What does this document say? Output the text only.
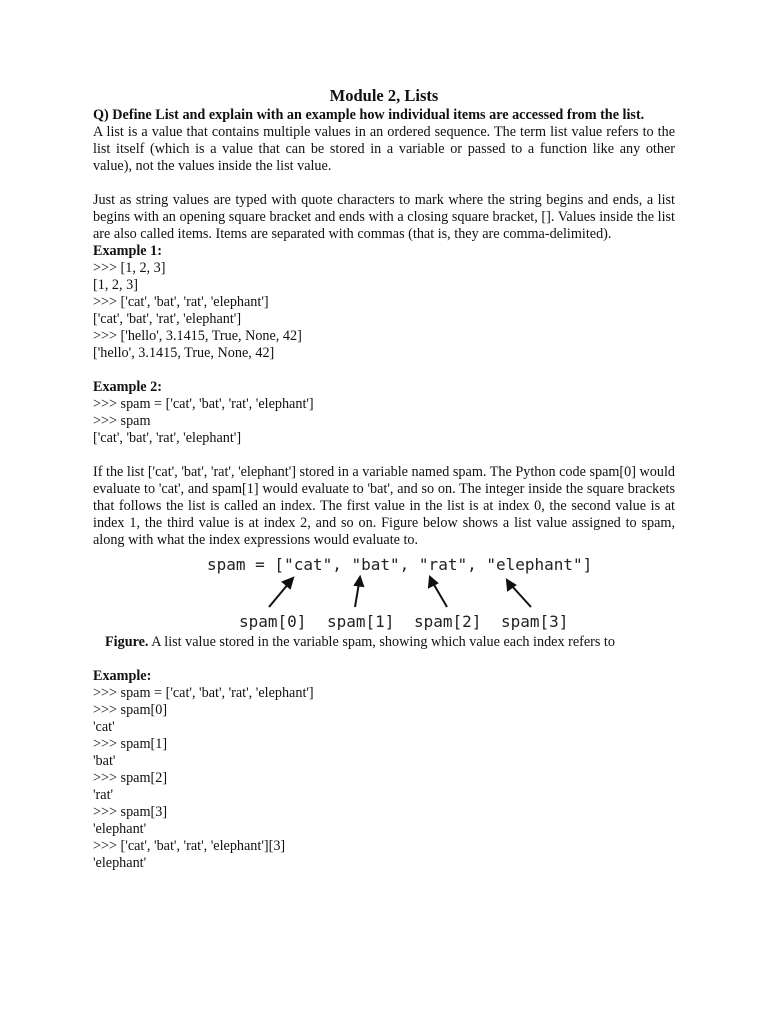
Module 2, Lists

Q) Define List and explain with an example how individual items are accessed from the list.

A list is a value that contains multiple values in an ordered sequence. The term list value refers to the list itself (which is a value that can be stored in a variable or passed to a function like any other value), not the values inside the list value.

Just as string values are typed with quote characters to mark where the string begins and ends, a list begins with an opening square bracket and ends with a closing square bracket, []. Values inside the list are also called items. Items are separated with commas (that is, they are comma-delimited).

Example 1:

>>> [1, 2, 3]

[1, 2, 3]

>>> ['cat', 'bat', 'rat', 'elephant']

['cat', 'bat', 'rat', 'elephant']

>>> ['hello', 3.1415, True, None, 42]

['hello', 3.1415, True, None, 42]

Example 2:

>>> spam = ['cat', 'bat', 'rat', 'elephant']

>>> spam

['cat', 'bat', 'rat', 'elephant']

If the list ['cat', 'bat', 'rat', 'elephant'] stored in a variable named spam. The Python code spam[0] would evaluate to 'cat', and spam[1] would evaluate to 'bat', and so on. The integer inside the square brackets that follows the list is called an index. The first value in the list is at index 0, the second value is at index 1, the third value is at index 2, and so on. Figure below shows a list value assigned to spam, along with what the index expressions would evaluate to.

spam = ["cat", "bat", "rat", "elephant"]
spam[0] spam[1] spam[2] spam[3]

Figure. A list value stored in the variable spam, showing which value each index refers to

Example:

>>> spam = ['cat', 'bat', 'rat', 'elephant']

>>> spam[0]

'cat'

>>> spam[1]

'bat'

>>> spam[2]

'rat'

>>> spam[3]

'elephant'

>>> ['cat', 'bat', 'rat', 'elephant'][3]

'elephant'
